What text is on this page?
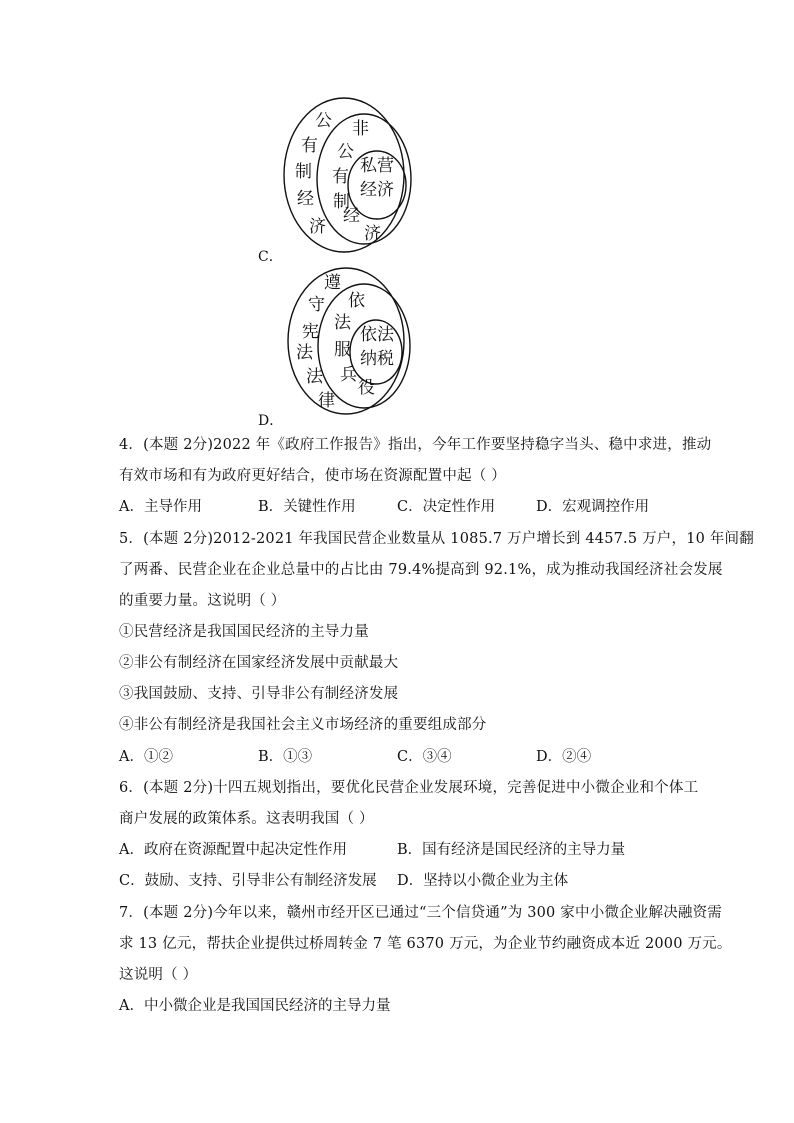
公
有
制
经
济
非
公
有
制
经
济
私营
经济
C．
遵
守
宪
法
法
律
依
法
服
兵
役
依法
纳税
D．
4．(本题 2分)2022 年《政府工作报告》指出，今年工作要坚持稳字当头、稳中求进，推动
有效市场和有为政府更好结合，使市场在资源配置中起（ ）
A．主导作用	B．关键性作用	C．决定性作用	D．宏观调控作用
5．(本题 2分)2012-2021 年我国民营企业数量从 1085.7 万户增长到 4457.5 万户，10 年间翻
了两番、民营企业在企业总量中的占比由 79.4%提高到 92.1%，成为推动我国经济社会发展
的重要力量。这说明（ ）
①民营经济是我国国民经济的主导力量
②非公有制经济在国家经济发展中贡献最大
③我国鼓励、支持、引导非公有制经济发展
④非公有制经济是我国社会主义市场经济的重要组成部分
A．①②	B．①③	C．③④	D．②④
6．(本题 2分)十四五规划指出，要优化民营企业发展环境，完善促进中小微企业和个体工
商户发展的政策体系。这表明我国（ ）
A．政府在资源配置中起决定性作用	B．国有经济是国民经济的主导力量
C．鼓励、支持、引导非公有制经济发展 D．坚持以小微企业为主体
7．(本题 2分)今年以来，赣州市经开区已通过“三个信贷通”为 300 家中小微企业解决融资需
求 13 亿元，帮扶企业提供过桥周转金 7 笔 6370 万元，为企业节约融资成本近 2000 万元。
这说明（ ）
A．中小微企业是我国国民经济的主导力量
